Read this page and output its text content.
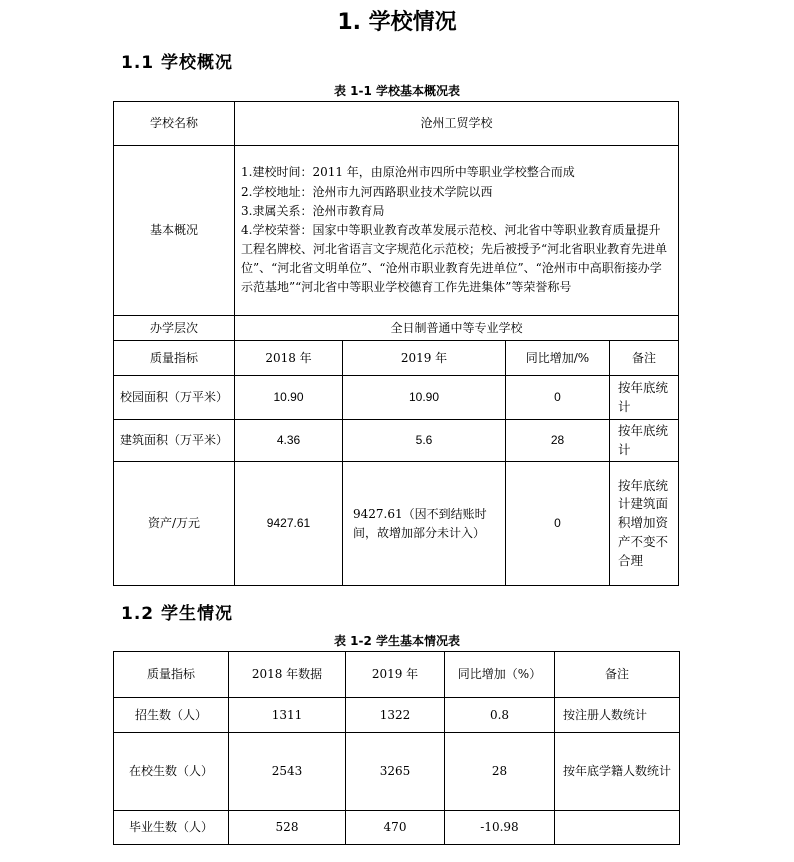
1. 学校情况
1.1 学校概况
表 1-1 学校基本概况表
学校名称	沧州工贸学校			
基本概况	1.建校时间：2011 年，由原沧州市四所中等职业学校整合而成
2.学校地址：沧州市九河西路职业技术学院以西
3.隶属关系：沧州市教育局
4.学校荣誉：国家中等职业教育改革发展示范校、河北省中等职业教育质量提升工程名牌校、河北省语言文字规范化示范校；先后被授予“河北省职业教育先进单位”、“河北省文明单位”、“沧州市职业教育先进单位”、“沧州市中高职衔接办学示范基地”“河北省中等职业学校德育工作先进集体”等荣誉称号			

办学层次	全日制普通中等专业学校			
质量指标	2018 年	2019 年	同比增加/%	备注
校园面积（万平米）	10.90	10.90	0	按年底统计
建筑面积（万平米）	4.36	5.6	28	按年底统计
资产/万元	9427.61	9427.61（因不到结账时间，故增加部分未计入）	0	按年底统计建筑面积增加资产不变不合理
1.2 学生情况
表 1-2 学生基本情况表
质量指标	2018 年数据	2019 年	同比增加（%）	备注
招生数（人）	1311	1322	0.8	按注册人数统计
在校生数（人）	2543	3265	28	按年底学籍人数统计
毕业生数（人）	528	470	-10.98	
